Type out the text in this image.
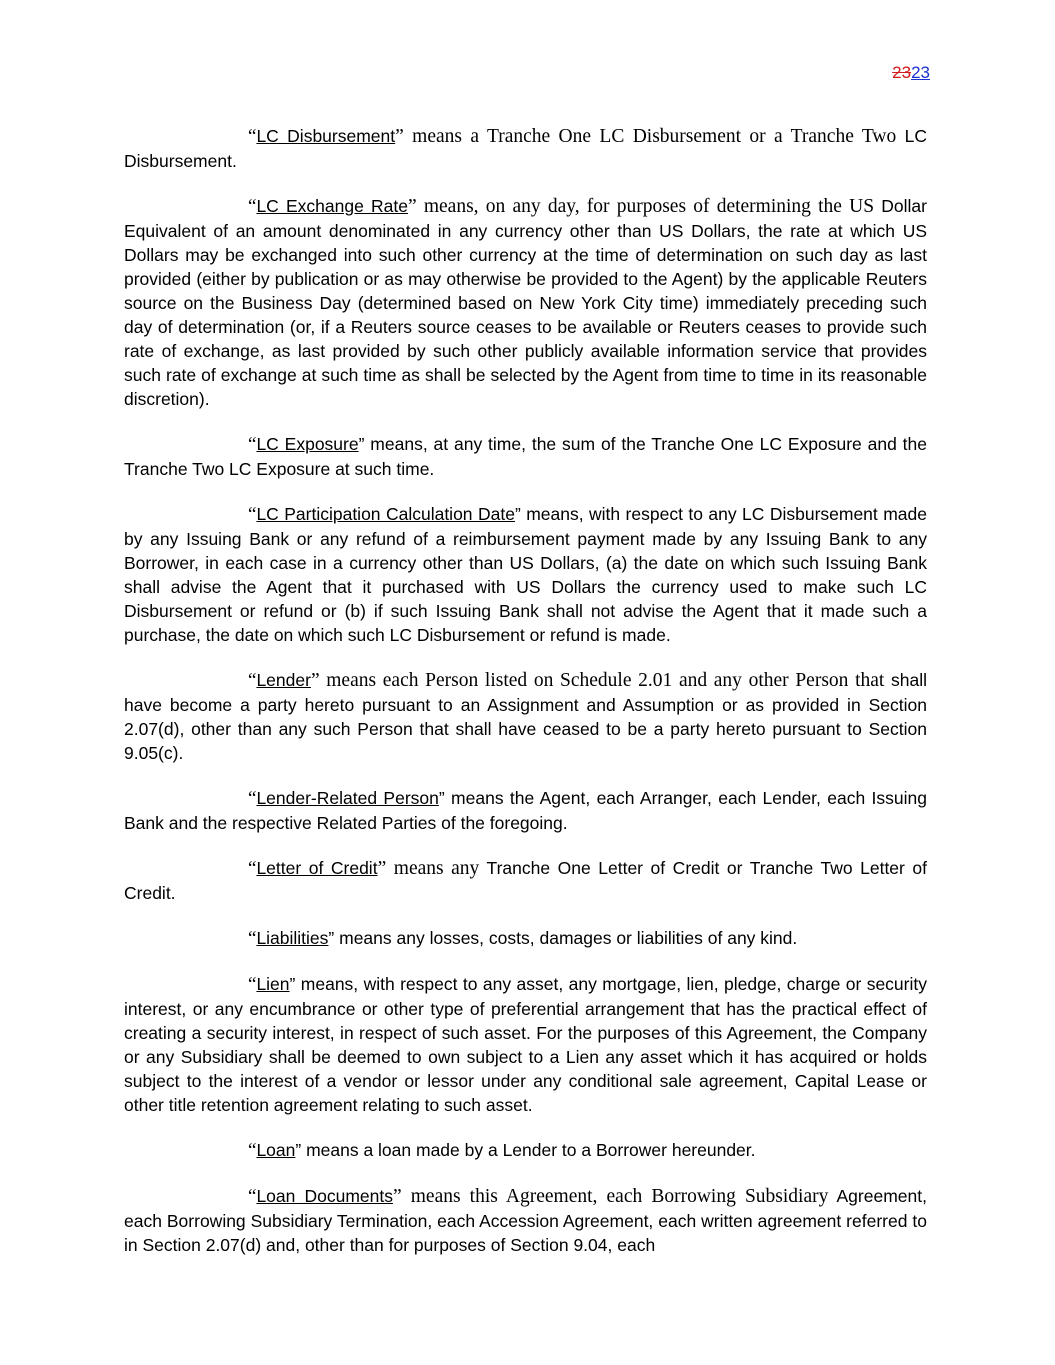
2323

“LC Disbursement” means a Tranche One LC Disbursement or a Tranche Two LC Disbursement.

“LC Exchange Rate” means, on any day, for purposes of determining the US Dollar Equivalent of an amount denominated in any currency other than US Dollars, the rate at which US Dollars may be exchanged into such other currency at the time of determination on such day as last provided (either by publication or as may otherwise be provided to the Agent) by the applicable Reuters source on the Business Day (determined based on New York City time) immediately preceding such day of determination (or, if a Reuters source ceases to be available or Reuters ceases to provide such rate of exchange, as last provided by such other publicly available information service that provides such rate of exchange at such time as shall be selected by the Agent from time to time in its reasonable discretion).

“LC Exposure” means, at any time, the sum of the Tranche One LC Exposure and the Tranche Two LC Exposure at such time.

“LC Participation Calculation Date” means, with respect to any LC Disbursement made by any Issuing Bank or any refund of a reimbursement payment made by any Issuing Bank to any Borrower, in each case in a currency other than US Dollars, (a) the date on which such Issuing Bank shall advise the Agent that it purchased with US Dollars the currency used to make such LC Disbursement or refund or (b) if such Issuing Bank shall not advise the Agent that it made such a purchase, the date on which such LC Disbursement or refund is made.

“Lender” means each Person listed on Schedule 2.01 and any other Person that shall have become a party hereto pursuant to an Assignment and Assumption or as provided in Section 2.07(d), other than any such Person that shall have ceased to be a party hereto pursuant to Section 9.05(c).

“Lender-Related Person” means the Agent, each Arranger, each Lender, each Issuing Bank and the respective Related Parties of the foregoing.

“Letter of Credit” means any Tranche One Letter of Credit or Tranche Two Letter of Credit.

“Liabilities” means any losses, costs, damages or liabilities of any kind.

“Lien” means, with respect to any asset, any mortgage, lien, pledge, charge or security interest, or any encumbrance or other type of preferential arrangement that has the practical effect of creating a security interest, in respect of such asset. For the purposes of this Agreement, the Company or any Subsidiary shall be deemed to own subject to a Lien any asset which it has acquired or holds subject to the interest of a vendor or lessor under any conditional sale agreement, Capital Lease or other title retention agreement relating to such asset.

“Loan” means a loan made by a Lender to a Borrower hereunder.

“Loan Documents” means this Agreement, each Borrowing Subsidiary Agreement, each Borrowing Subsidiary Termination, each Accession Agreement, each written agreement referred to in Section 2.07(d) and, other than for purposes of Section 9.04, each
